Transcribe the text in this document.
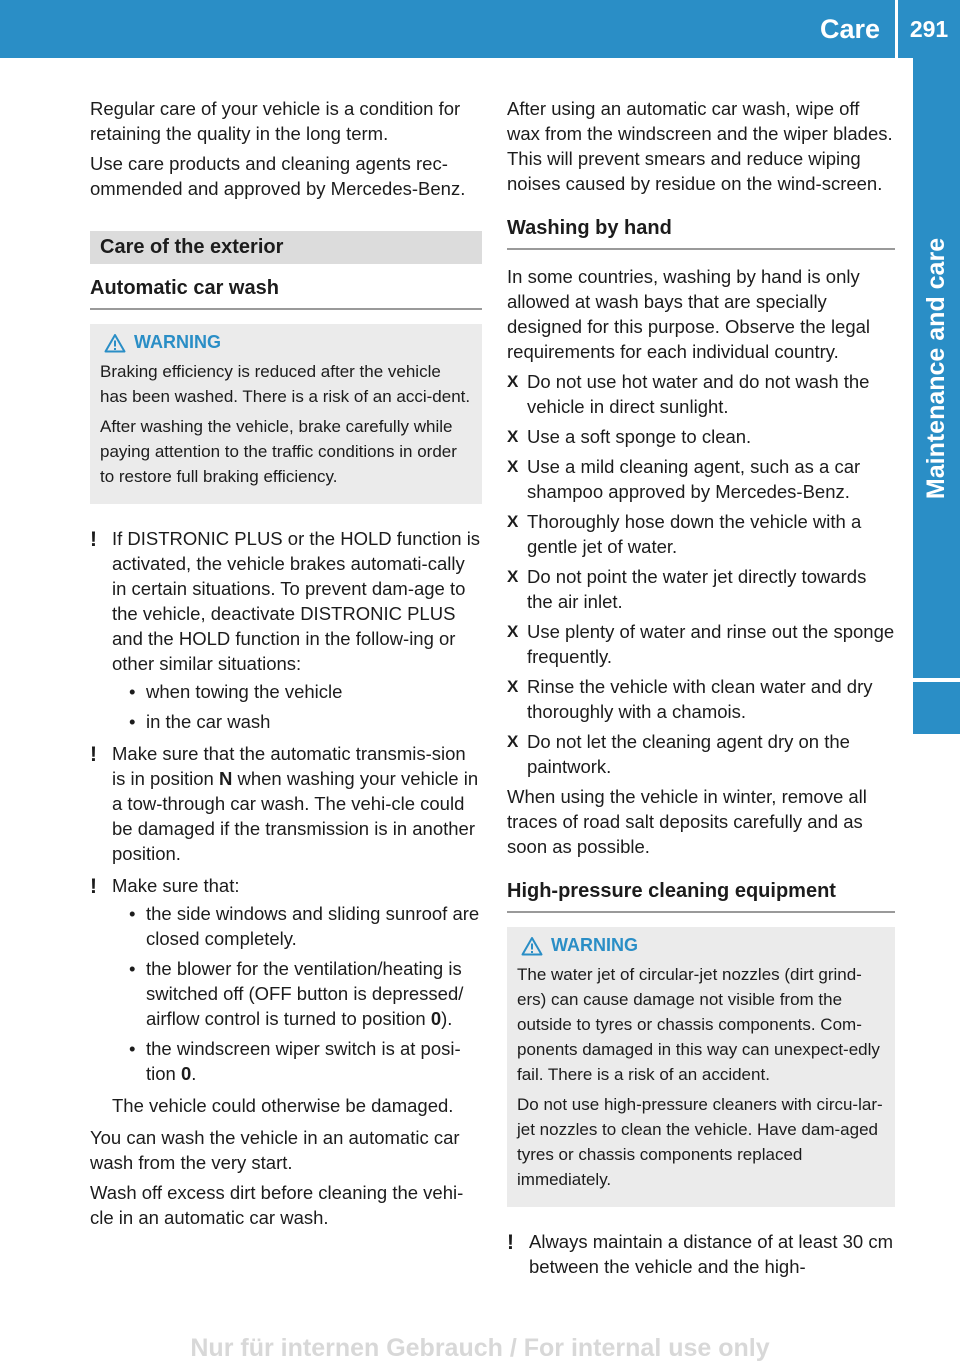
Care	291
Maintenance and care

Regular care of your vehicle is a condition for retaining the quality in the long term.

Use care products and cleaning agents rec-ommended and approved by Mercedes-Benz.

Care of the exterior
Automatic car wash
WARNING

Braking efficiency is reduced after the vehicle has been washed. There is a risk of an acci-dent.

After washing the vehicle, brake carefully while paying attention to the traffic conditions in order to restore full braking efficiency.

! If DISTRONIC PLUS or the HOLD function is activated, the vehicle brakes automati-cally in certain situations. To prevent dam-age to the vehicle, deactivate DISTRONIC PLUS and the HOLD function in the follow-ing or other similar situations:
• when towing the vehicle
• in the car wash
! Make sure that the automatic transmis-sion is in position N when washing your vehicle in a tow-through car wash. The vehi-cle could be damaged if the transmission is in another position.
! Make sure that:
• the side windows and sliding sunroof are closed completely.
• the blower for the ventilation/heating is switched off (OFF button is depressed/ airflow control is turned to position 0).
• the windscreen wiper switch is at posi-tion 0.

The vehicle could otherwise be damaged.

You can wash the vehicle in an automatic car wash from the very start.

Wash off excess dirt before cleaning the vehi-cle in an automatic car wash.

After using an automatic car wash, wipe off wax from the windscreen and the wiper blades. This will prevent smears and reduce wiping noises caused by residue on the wind-screen.

Washing by hand

In some countries, washing by hand is only allowed at wash bays that are specially designed for this purpose. Observe the legal requirements for each individual country.

X Do not use hot water and do not wash the vehicle in direct sunlight.
X Use a soft sponge to clean.
X Use a mild cleaning agent, such as a car shampoo approved by Mercedes-Benz.
X Thoroughly hose down the vehicle with a gentle jet of water.
X Do not point the water jet directly towards the air inlet.
X Use plenty of water and rinse out the sponge frequently.
X Rinse the vehicle with clean water and dry thoroughly with a chamois.
X Do not let the cleaning agent dry on the paintwork.

When using the vehicle in winter, remove all traces of road salt deposits carefully and as soon as possible.

High-pressure cleaning equipment
WARNING

The water jet of circular-jet nozzles (dirt grind-ers) can cause damage not visible from the outside to tyres or chassis components. Com-ponents damaged in this way can unexpect-edly fail. There is a risk of an accident.

Do not use high-pressure cleaners with circu-lar-jet nozzles to clean the vehicle. Have dam-aged tyres or chassis components replaced immediately.

! Always maintain a distance of at least 30 cm between the vehicle and the high-
Nur für internen Gebrauch / For internal use only
